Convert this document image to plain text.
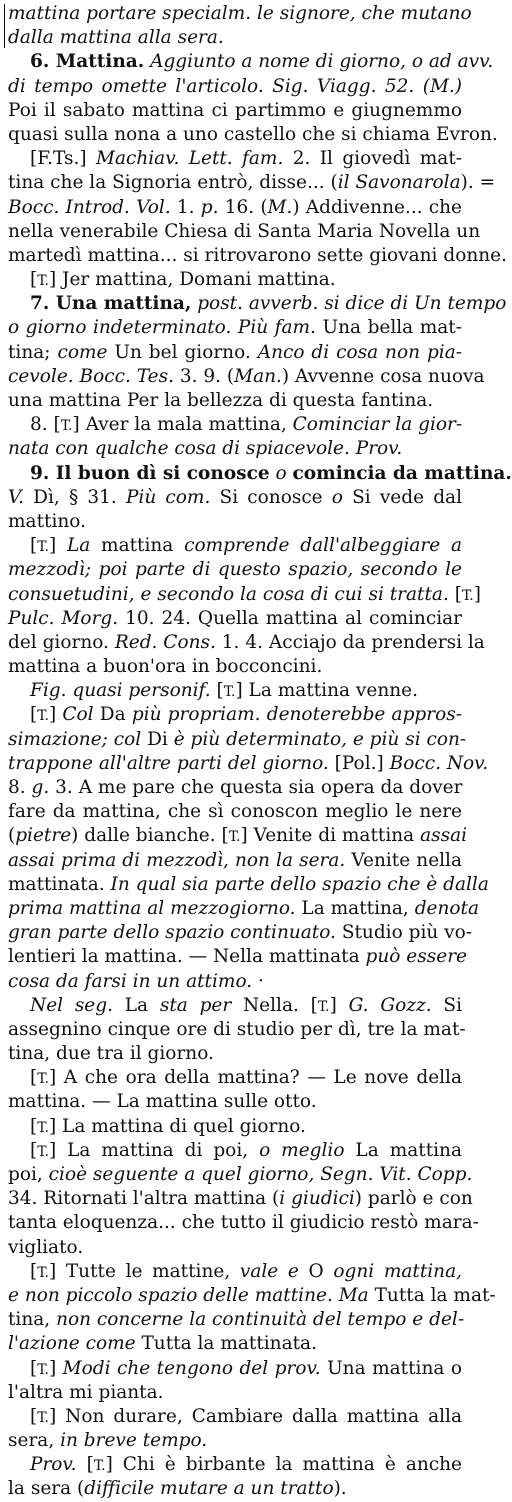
mattina portare specialm. le signore, che mutano
dalla mattina alla sera.
6. Mattina. Aggiunto a nome di giorno, o ad avv.
di tempo omette l'articolo. Sig. Viagg. 52. (M.)
Poi il sabato mattina ci partimmo e giugnemmo
quasi sulla nona a uno castello che si chiama Evron.
[F.Ts.] Machiav. Lett. fam. 2. Il giovedì mat-
tina che la Signoria entrò, disse... (il Savonarola). =
Bocc. Introd. Vol. 1. p. 16. (M.) Addivenne... che
nella venerabile Chiesa di Santa Maria Novella un
martedì mattina... si ritrovarono sette giovani donne.
[T.] Jer mattina, Domani mattina.
7. Una mattina, post. avverb. si dice di Un tempo
o giorno indeterminato. Più fam. Una bella mat-
tina; come Un bel giorno. Anco di cosa non pia-
cevole. Bocc. Tes. 3. 9. (Man.) Avvenne cosa nuova
una mattina Per la bellezza di questa fantina.
8. [T.] Aver la mala mattina, Cominciar la gior-
nata con qualche cosa di spiacevole. Prov.
9. Il buon dì si conosce o comincia da mattina.
V. Dì, § 31. Più com. Si conosce o Si vede dal
mattino.
[T.] La mattina comprende dall'albeggiare a
mezzodì; poi parte di questo spazio, secondo le
consuetudini, e secondo la cosa di cui si tratta. [T.]
Pulc. Morg. 10. 24. Quella mattina al cominciar
del giorno. Red. Cons. 1. 4. Acciajo da prendersi la
mattina a buon'ora in bocconcini.
Fig. quasi personif. [T.] La mattina venne.
[T.] Col Da più propriam. denoterebbe appros-
simazione; col Di è più determinato, e più si con-
trappone all'altre parti del giorno. [Pol.] Bocc. Nov.
8. g. 3. A me pare che questa sia opera da dover
fare da mattina, che sì conoscon meglio le nere
(pietre) dalle bianche. [T.] Venite di mattina assai
assai prima di mezzodì, non la sera. Venite nella
mattinata. In qual sia parte dello spazio che è dalla
prima mattina al mezzogiorno. La mattina, denota
gran parte dello spazio continuato. Studio più vo-
lentieri la mattina. — Nella mattinata può essere
cosa da farsi in un attimo. ·
Nel seg. La sta per Nella. [T.] G. Gozz. Si
assegnino cinque ore di studio per dì, tre la mat-
tina, due tra il giorno.
[T.] A che ora della mattina? — Le nove della
mattina. — La mattina sulle otto.
[T.] La mattina di quel giorno.
[T.] La mattina di poi, o meglio La mattina
poi, cioè seguente a quel giorno, Segn. Vit. Copp.
34. Ritornati l'altra mattina (i giudici) parlò e con
tanta eloquenza... che tutto il giudicio restò mara-
vigliato.
[T.] Tutte le mattine, vale e O ogni mattina,
e non piccolo spazio delle mattine. Ma Tutta la mat-
tina, non concerne la continuità del tempo e del-
l'azione come Tutta la mattinata.
[T.] Modi che tengono del prov. Una mattina o
l'altra mi pianta.
[T.] Non durare, Cambiare dalla mattina alla
sera, in breve tempo.
Prov. [T.] Chi è birbante la mattina è anche
la sera (difficile mutare a un tratto).
